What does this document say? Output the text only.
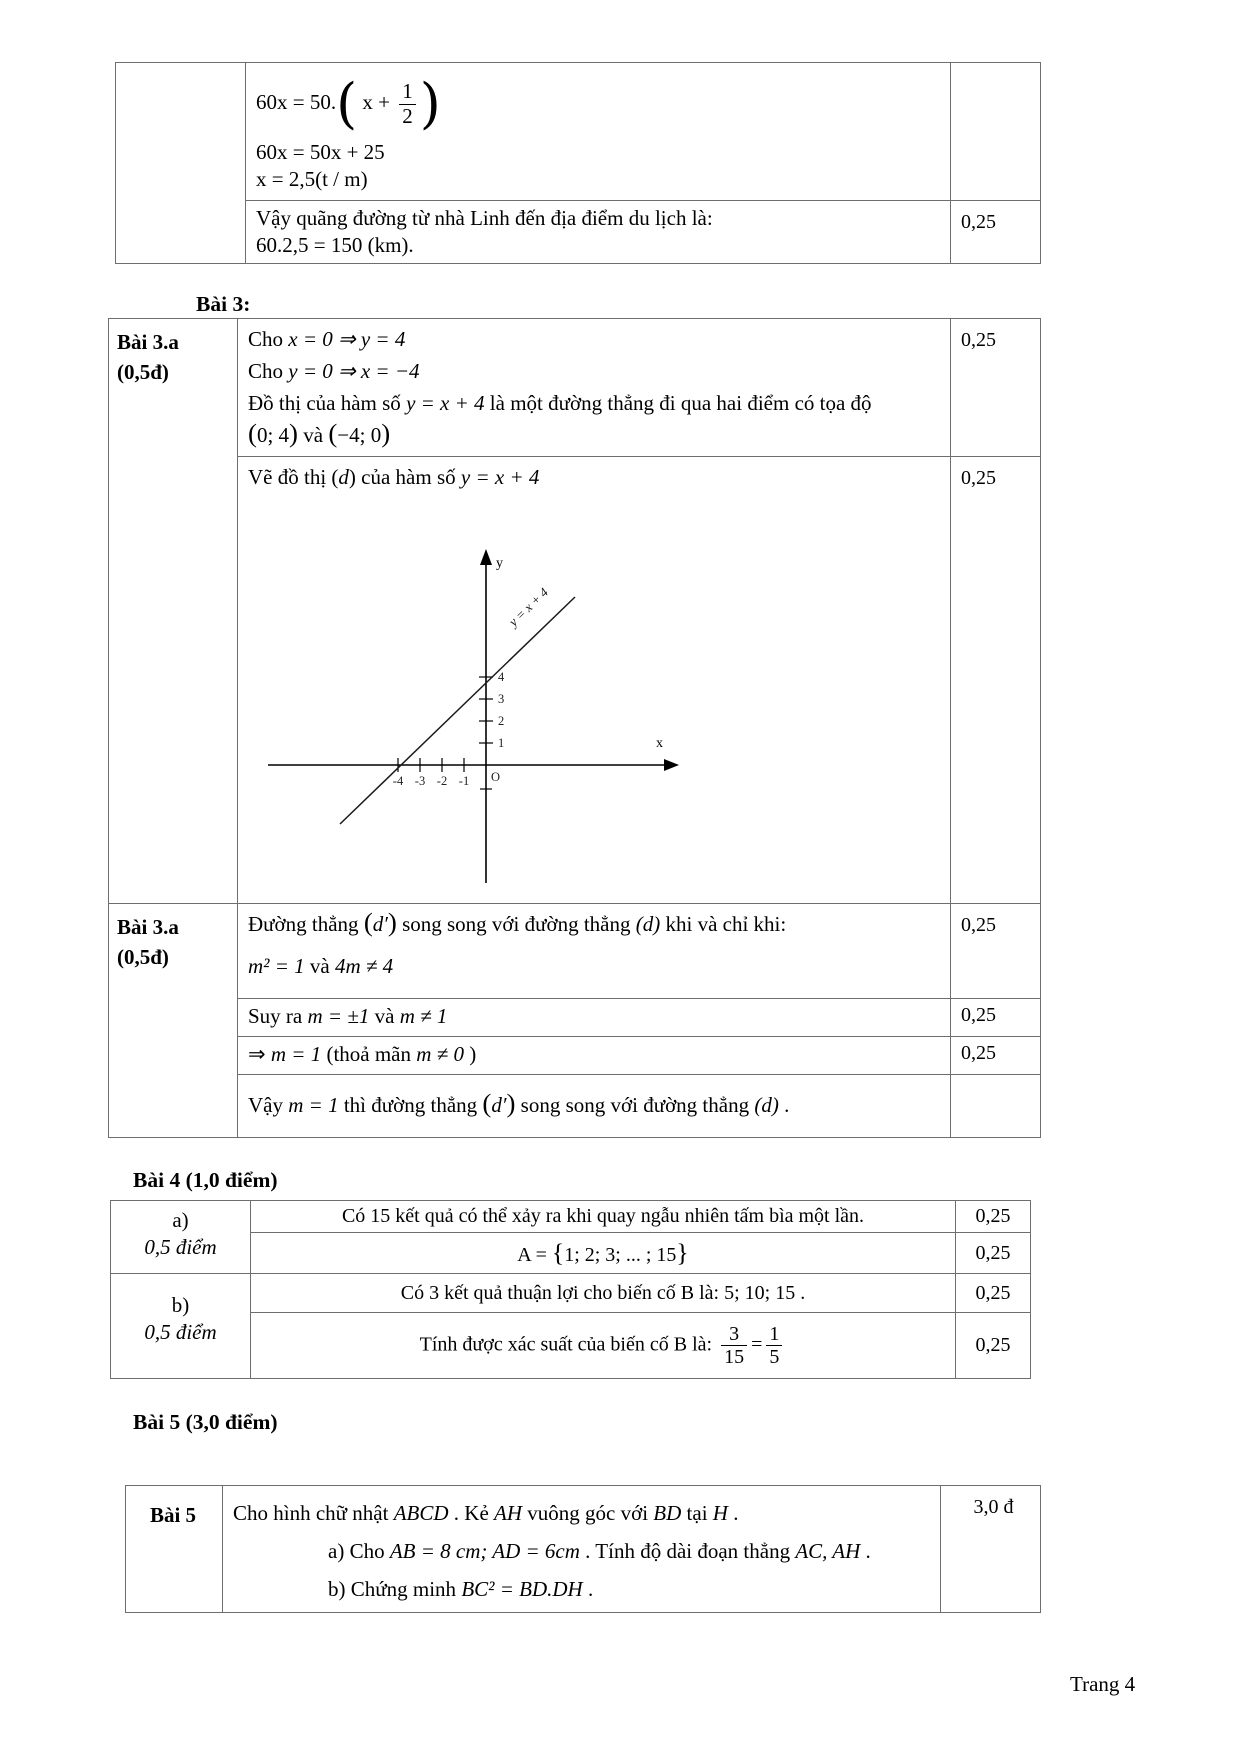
60x = 50.( $x + \frac{1}{2}$ )
60x = 50x + 25
x = 2,5(t / m)

	Vậy quãng đường từ nhà Linh đến địa điểm du lịch là:
60.2,5 = 150 (km).	0,25
Bài 3:
Bài 3.a
(0,5đ)

Cho x = 0 ⇒ y = 4
Cho y = 0 ⇒ x = −4
Đồ thị của hàm số y = x + 4 là một đường thẳng đi qua hai điểm có tọa độ
(0; 4) và (−4; 0)
	0,25

Vẽ đồ thị (d) của hàm số y = x + 4
x
y
-4 -3 -2 -1
4
3
2
1
O
y = x + 4
	0,25

Bài 3.a
(0,5đ)

Đường thẳng (d′) song song với đường thẳng (d) khi và chỉ khi:
m² = 1 và 4m ≠ 4
	0,25

	Suy ra m = ±1 và m ≠ 1	0,25

	⇒ m = 1 (thoả mãn m ≠ 0 )	0,25

	Vậy m = 1 thì đường thẳng (d′) song song với đường thẳng (d) .	

Bài 4 (1,0 điểm)
a)
0,5 điểm	Có 15 kết quả có thể xảy ra khi quay ngẫu nhiên tấm bìa một lần.	0,25

	A = {1; 2; 3; ... ; 15}	0,25

b)
0,5 điểm	Có 3 kết quả thuận lợi cho biến cố B là: 5; 10; 15 .	0,25

Tính được xác suất của biến cố B là: $\frac{3}{15} = \frac{1}{5}$	0,25
Bài 5 (3,0 điểm)
Bài 5	Cho hình chữ nhật ABCD . Kẻ AH vuông góc với BD tại H .
a) Cho AB = 8 cm; AD = 6cm . Tính độ dài đoạn thẳng AC, AH .
b) Chứng minh BC² = BD.DH .
	3,0 đ
Trang 4
